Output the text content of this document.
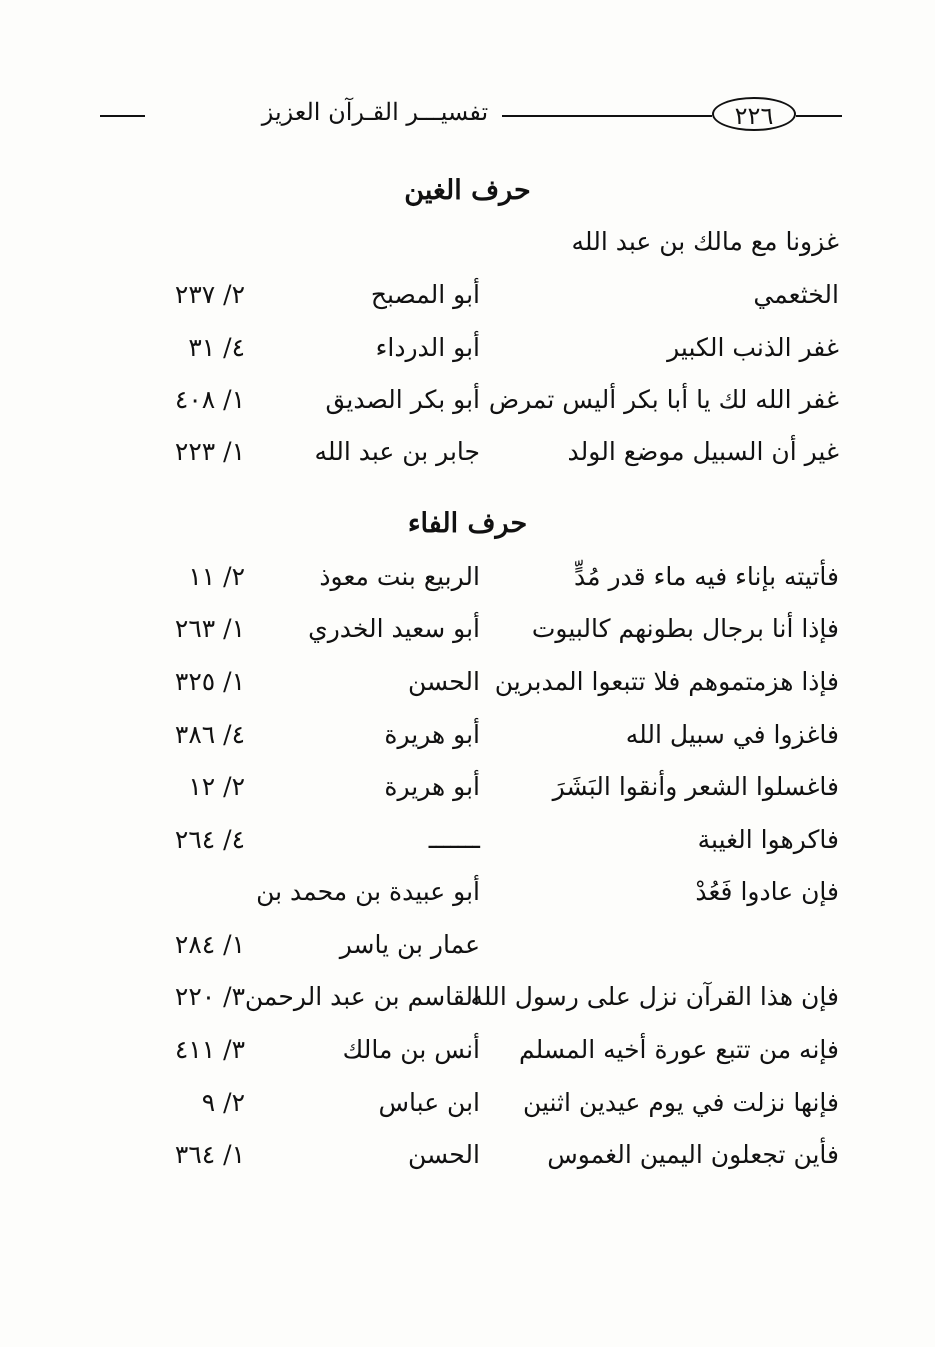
تفسيـــر القـرآن العزيز	٢٢٦
حرف الغين
غزونا مع مالك بن عبد الله
الخثعمي
أبو المصبح
٢/ ٢٣٧
غفر الذنب الكبير
أبو الدرداء
٤/ ٣١
غفر الله لك يا أبا بكر أليس تمرض
أبو بكر الصديق
١/ ٤٠٨
غير أن السبيل موضع الولد
جابر بن عبد الله
١/ ٢٢٣
حرف الفاء
فأتيته بإناء فيه ماء قدر مُدٍّ
الربيع بنت معوذ
٢/ ١١
فإذا أنا برجال بطونهم كالبيوت
أبو سعيد الخدري
١/ ٢٦٣
فإذا هزمتموهم فلا تتبعوا المدبرين
الحسن
١/ ٣٢٥
فاغزوا في سبيل الله
أبو هريرة
٤/ ٣٨٦
فاغسلوا الشعر وأنقوا البَشَرَ
أبو هريرة
٢/ ١٢
فاكرهوا الغيبة
ـــــــ
٤/ ٢٦٤
فإن عادوا فَعُدْ
أبو عبيدة بن محمد بن
عمار بن ياسر
١/ ٢٨٤
فإن هذا القرآن نزل على رسول الله
القاسم بن عبد الرحمن
٣/ ٢٢٠
فإنه من تتبع عورة أخيه المسلم
أنس بن مالك
٣/ ٤١١
فإنها نزلت في يوم عيدين اثنين
ابن عباس
٢/ ٩
فأين تجعلون اليمين الغموس
الحسن
١/ ٣٦٤
